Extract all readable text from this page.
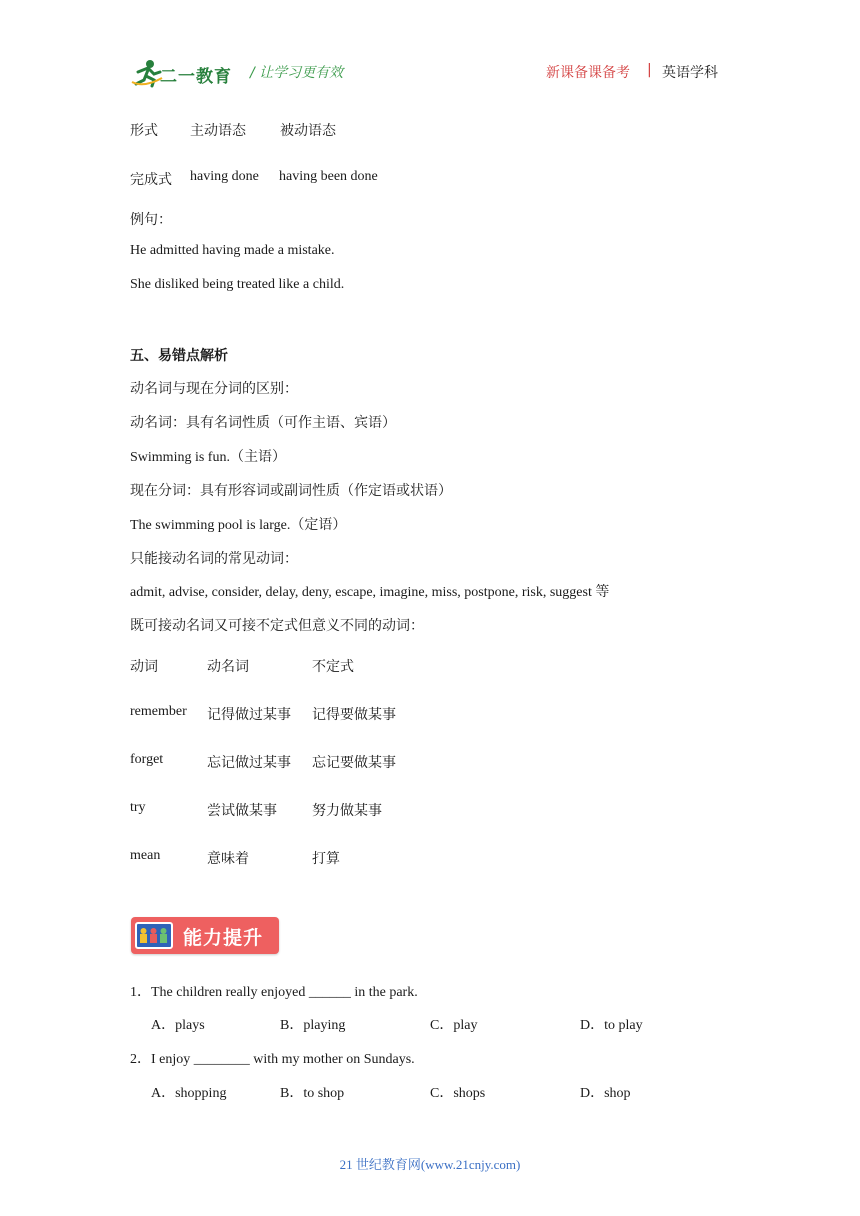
二一教育 / 让学习更有效	新课备课备考 | 英语学科
形式 主动语态 被动语态
完成式 having done having been done
例句：
He admitted having made a mistake.
She disliked being treated like a child.
五、易错点解析
动名词与现在分词的区别：
动名词：具有名词性质（可作主语、宾语）
Swimming is fun.（主语）
现在分词：具有形容词或副词性质（作定语或状语）
The swimming pool is large.（定语）
只能接动名词的常见动词：
admit, advise, consider, delay, deny, escape, imagine, miss, postpone, risk, suggest 等
既可接动名词又可接不定式但意义不同的动词：
动词	动名词	不定式
remember 记得做过某事 记得要做某事
forget	忘记做过某事 忘记要做某事
try	尝试做某事	努力做某事
mean	意味着	打算
能力提升
1．The children really enjoyed ______ in the park.
A．plays	B．playing	C．play	D．to play
2．I enjoy ________ with my mother on Sundays.
A．shopping	B．to shop	C．shops	D．shop
21 世纪教育网(www.21cnjy.com)
